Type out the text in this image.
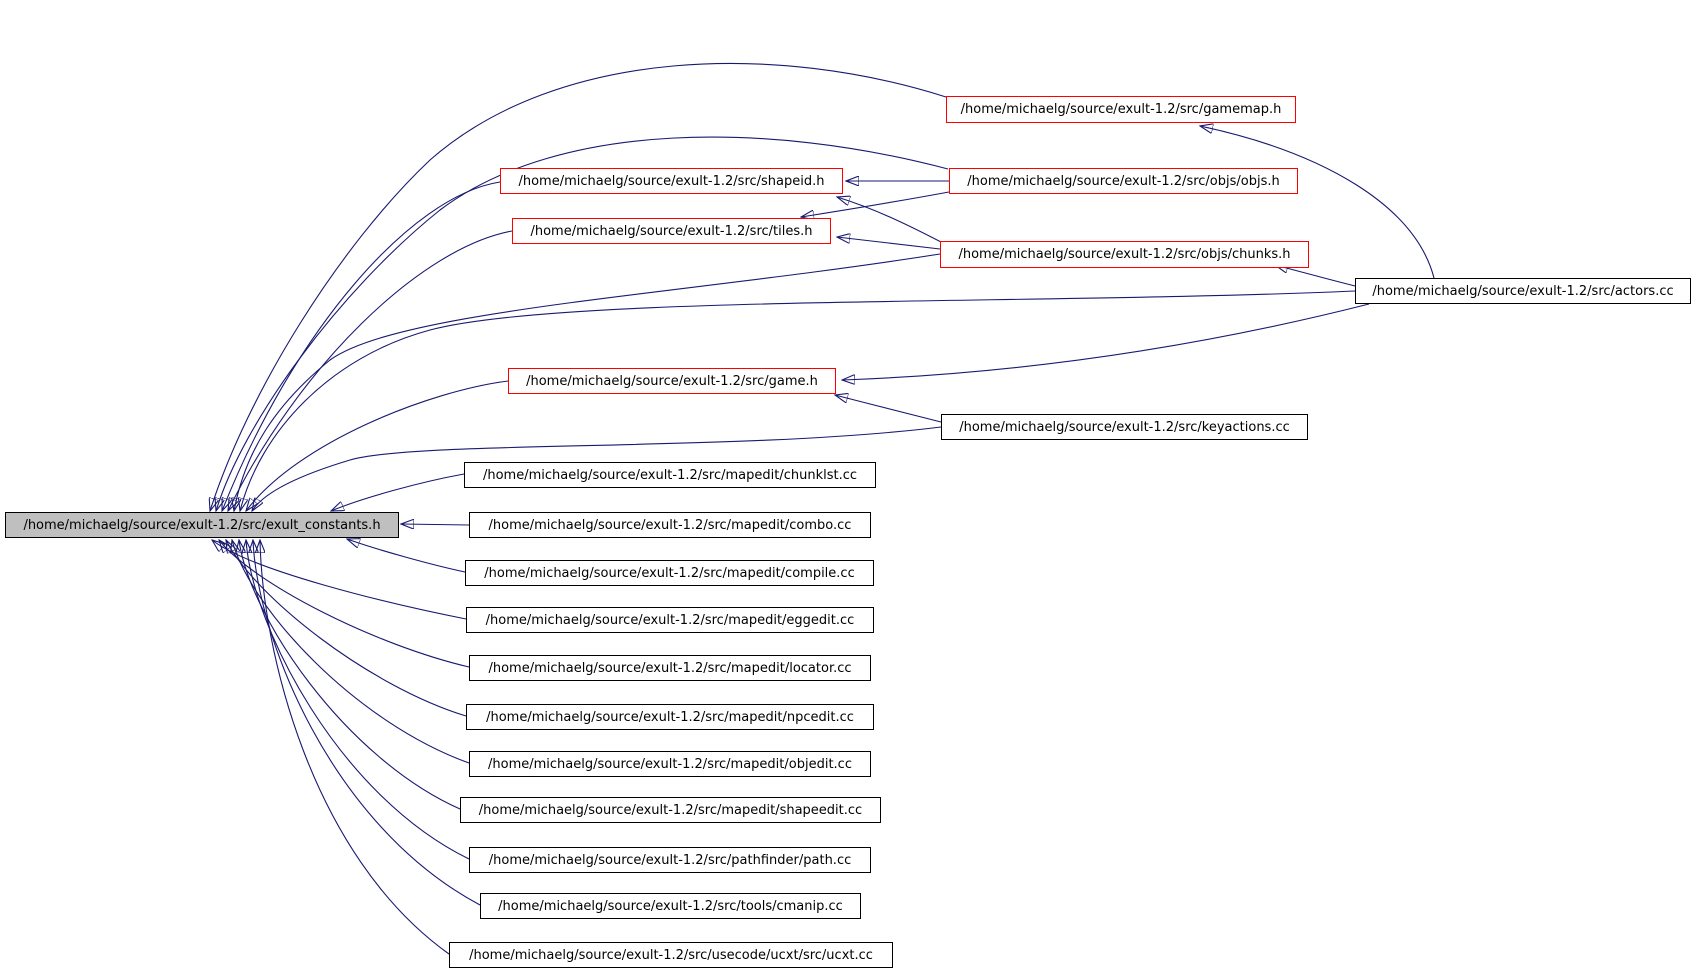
/home/michaelg/source/exult-1.2/src/exult_constants.h
/home/michaelg/source/exult-1.2/src/gamemap.h
/home/michaelg/source/exult-1.2/src/shapeid.h	/home/michaelg/source/exult-1.2/src/objs/objs.h
/home/michaelg/source/exult-1.2/src/tiles.h
/home/michaelg/source/exult-1.2/src/objs/chunks.h
/home/michaelg/source/exult-1.2/src/actors.cc
/home/michaelg/source/exult-1.2/src/game.h
/home/michaelg/source/exult-1.2/src/keyactions.cc
/home/michaelg/source/exult-1.2/src/mapedit/chunklst.cc
/home/michaelg/source/exult-1.2/src/mapedit/combo.cc
/home/michaelg/source/exult-1.2/src/mapedit/compile.cc
/home/michaelg/source/exult-1.2/src/mapedit/eggedit.cc
/home/michaelg/source/exult-1.2/src/mapedit/locator.cc
/home/michaelg/source/exult-1.2/src/mapedit/npcedit.cc
/home/michaelg/source/exult-1.2/src/mapedit/objedit.cc
/home/michaelg/source/exult-1.2/src/mapedit/shapeedit.cc
/home/michaelg/source/exult-1.2/src/pathfinder/path.cc
/home/michaelg/source/exult-1.2/src/tools/cmanip.cc
/home/michaelg/source/exult-1.2/src/usecode/ucxt/src/ucxt.cc
